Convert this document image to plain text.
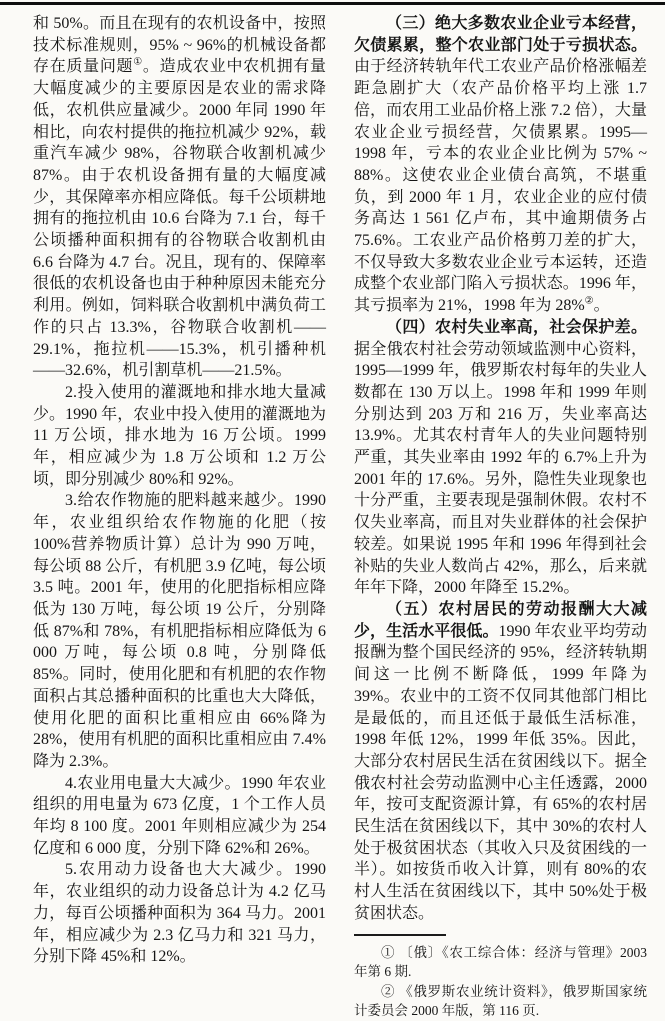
和 50%。而且在现有的农机设备中，按照技术标准规则，95% ~ 96%的机械设备都存在质量问题①。造成农业中农机拥有量大幅度减少的主要原因是农业的需求降低，农机供应量减少。2000 年同 1990 年相比，向农村提供的拖拉机减少 92%，载重汽车减少 98%，谷物联合收割机减少 87%。由于农机设备拥有量的大幅度减少，其保障率亦相应降低。每千公顷耕地拥有的拖拉机由 10.6 台降为 7.1 台，每千公顷播种面积拥有的谷物联合收割机由 6.6 台降为 4.7 台。况且，现有的、保障率很低的农机设备也由于种种原因未能充分利用。例如，饲料联合收割机中满负荷工作的只占 13.3%，谷物联合收割机——29.1%，拖拉机——15.3%，机引播种机——32.6%，机引割草机——21.5%。

2.投入使用的灌溉地和排水地大量减少。1990 年，农业中投入使用的灌溉地为 11 万公顷，排水地为 16 万公顷。1999 年，相应减少为 1.8 万公顷和 1.2 万公顷，即分别减少 80%和 92%。

3.给农作物施的肥料越来越少。1990 年，农业组织给农作物施的化肥（按 100%营养物质计算）总计为 990 万吨，每公顷 88 公斤，有机肥 3.9 亿吨，每公顷 3.5 吨。2001 年，使用的化肥指标相应降低为 130 万吨，每公顷 19 公斤，分别降低 87%和 78%，有机肥指标相应降低为 6 000 万吨，每公顷 0.8 吨，分别降低 85%。同时，使用化肥和有机肥的农作物面积占其总播种面积的比重也大大降低，使用化肥的面积比重相应由 66%降为 28%，使用有机肥的面积比重相应由 7.4%降为 2.3%。

4.农业用电量大大减少。1990 年农业组织的用电量为 673 亿度，1 个工作人员年均 8 100 度。2001 年则相应减少为 254 亿度和 6 000 度，分别下降 62%和 26%。

5.农用动力设备也大大减少。1990 年，农业组织的动力设备总计为 4.2 亿马力，每百公顷播种面积为 364 马力。2001 年，相应减少为 2.3 亿马力和 321 马力，分别下降 45%和 12%。

（三）绝大多数农业企业亏本经营，欠债累累，整个农业部门处于亏损状态。由于经济转轨年代工农业产品价格涨幅差距急剧扩大（农产品价格平均上涨 1.7 倍，而农用工业品价格上涨 7.2 倍），大量农业企业亏损经营，欠债累累。1995—1998 年，亏本的农业企业比例为 57% ~ 88%。这使农业企业债台高筑，不堪重负，到 2000 年 1 月，农业企业的应付债务高达 1 561 亿卢布，其中逾期债务占 75.6%。工农业产品价格剪刀差的扩大，不仅导致大多数农业企业亏本运转，还造成整个农业部门陷入亏损状态。1996 年，其亏损率为 21%，1998 年为 28%②。

（四）农村失业率高，社会保护差。据全俄农村社会劳动领域监测中心资料，1995—1999 年，俄罗斯农村每年的失业人数都在 130 万以上。1998 年和 1999 年则分别达到 203 万和 216 万，失业率高达 13.9%。尤其农村青年人的失业问题特别严重，其失业率由 1992 年的 6.7%上升为 2001 年的 17.6%。另外，隐性失业现象也十分严重，主要表现是强制休假。农村不仅失业率高，而且对失业群体的社会保护较差。如果说 1995 年和 1996 年得到社会补贴的失业人数尚占 42%，那么，后来就年年下降，2000 年降至 15.2%。

（五）农村居民的劳动报酬大大减少，生活水平很低。1990 年农业平均劳动报酬为整个国民经济的 95%，经济转轨期间这一比例不断降低，1999 年降为 39%。农业中的工资不仅同其他部门相比是最低的，而且还低于最低生活标准，1998 年低 12%，1999 年低 35%。因此，大部分农村居民生活在贫困线以下。据全俄农村社会劳动监测中心主任透露，2000 年，按可支配资源计算，有 65%的农村居民生活在贫困线以下，其中 30%的农村人处于极贫困状态（其收入只及贫困线的一半）。如按货币收入计算，则有 80%的农村人生活在贫困线以下，其中 50%处于极贫困状态。

① 〔俄〕《农工综合体：经济与管理》2003 年第 6 期.

② 《俄罗斯农业统计资料》，俄罗斯国家统计委员会 2000 年版，第 116 页.
